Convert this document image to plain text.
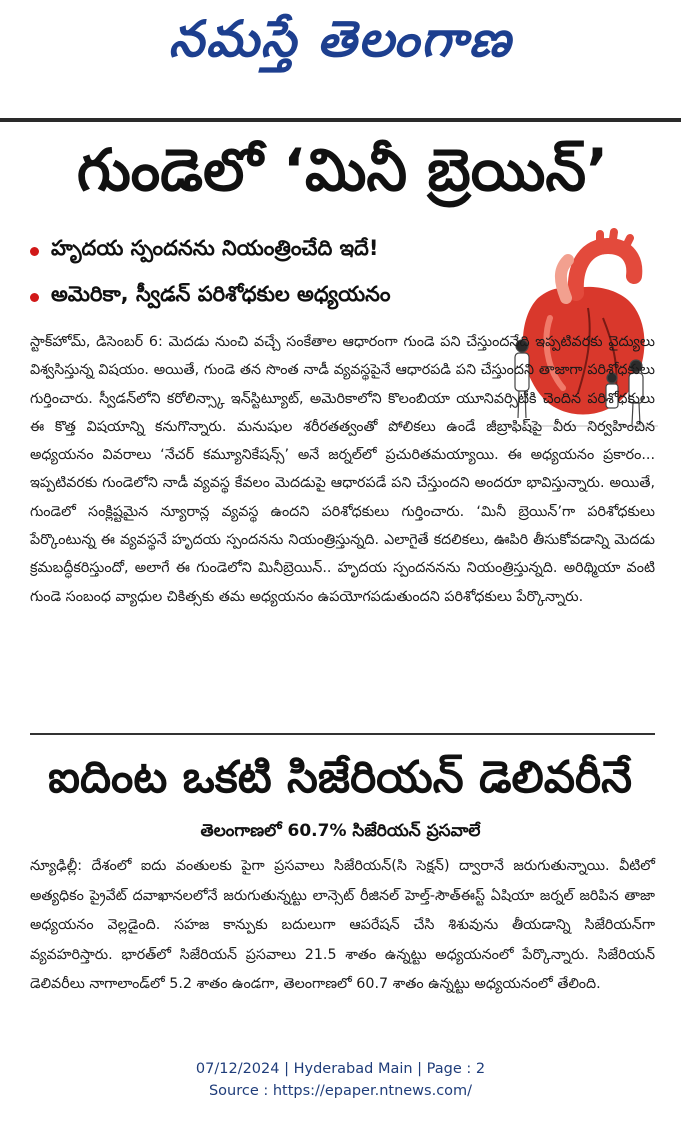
నమస్తే తెలంగాణ
గుండెలో ‘మినీ బ్రెయిన్’
హృదయ స్పందనను నియంత్రించేది ఇదే!
అమెరికా, స్వీడన్ పరిశోధకుల అధ్యయనం
స్టాక్‌హోమ్, డిసెంబర్ 6: మెదడు నుంచి వచ్చే సంకేతాల ఆధారంగా గుండె పని చేస్తుందనేది ఇప్పటివరకు వైద్యులు విశ్వసిస్తున్న విషయం. అయితే, గుండె తన సొంత నాడీ వ్యవస్థపైనే ఆధారపడి పని చేస్తుందని తాజాగా పరిశోధకులు గుర్తించారు. స్వీడన్‌లోని కరోలిన్స్కా ఇన్‌స్టిట్యూట్, అమెరికాలోని కొలంబియా యూనివర్సిటీకి చెందిన పరిశోధకులు ఈ కొత్త విషయాన్ని కనుగొన్నారు. మనుషుల శరీరతత్వంతో పోలికలు ఉండే జీబ్రాఫిష్‌పై వీరు నిర్వహించిన అధ్యయనం వివరాలు ‘నేచర్ కమ్యూనికేషన్స్’ అనే జర్నల్‌లో ప్రచురితమయ్యాయి. ఈ అధ్యయనం ప్రకారం... ఇప్పటివరకు గుండెలోని నాడీ వ్యవస్థ కేవలం మెదడుపై ఆధారపడే పని చేస్తుందని అందరూ భావిస్తున్నారు. అయితే, గుండెలో సంక్లిష్టమైన న్యూరాన్ల వ్యవస్థ ఉందని పరిశోధకులు గుర్తించారు. ‘మినీ బ్రెయిన్’గా పరిశోధకులు పేర్కొంటున్న ఈ వ్యవస్థనే హృదయ స్పందనను నియంత్రిస్తున్నది. ఎలాగైతే కదలికలు, ఊపిరి తీసుకోవడాన్ని మెదడు క్రమబద్ధీకరిస్తుందో, అలాగే ఈ గుండెలోని మినీబ్రెయిన్.. హృదయ స్పందననను నియంత్రిస్తున్నది. అరిథ్మియా వంటి గుండె సంబంధ వ్యాధుల చికిత్సకు తమ అధ్యయనం ఉపయోగపడుతుందని పరిశోధకులు పేర్కొన్నారు.
ఐదింట ఒకటి సిజేరియన్ డెలివరీనే
తెలంగాణలో 60.7% సిజేరియన్ ప్రసవాలే
న్యూఢిల్లీ: దేశంలో ఐదు వంతులకు పైగా ప్రసవాలు సిజేరియన్(సి సెక్షన్) ద్వారానే జరుగుతున్నాయి. వీటిలో అత్యధికం ప్రైవేట్ దవాఖానలలోనే జరుగుతున్నట్టు లాన్సెట్ రీజినల్ హెల్త్-సౌత్‌ఈస్ట్ ఏషియా జర్నల్ జరిపిన తాజా అధ్యయనం వెల్లడైంది. సహజ కాన్పుకు బదులుగా ఆపరేషన్ చేసి శిశువును తీయడాన్ని సిజేరియన్‌గా వ్యవహరిస్తారు. భారత్‌లో సిజేరియన్ ప్రసవాలు 21.5 శాతం ఉన్నట్టు అధ్యయనంలో పేర్కొన్నారు. సిజేరియన్ డెలివరీలు నాగాలాండ్‌లో 5.2 శాతం ఉండగా, తెలంగాణలో 60.7 శాతం ఉన్నట్టు అధ్యయనంలో తేలింది.
07/12/2024 | Hyderabad Main | Page : 2
Source : https://epaper.ntnews.com/
